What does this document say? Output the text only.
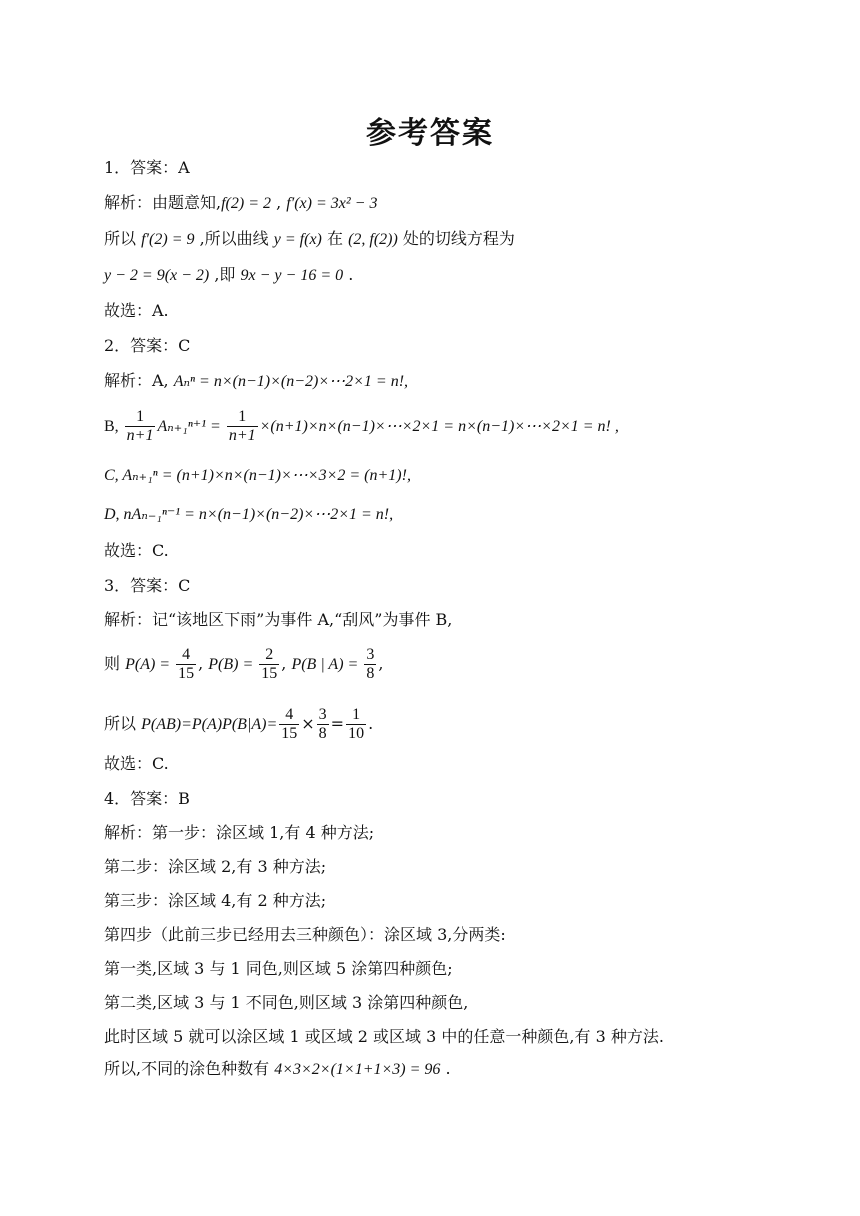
参考答案
1．答案：A
解析：由题意知,f(2) = 2 , f′(x) = 3x² − 3
所以 f′(2) = 9 ,所以曲线 y = f(x) 在 (2, f(2)) 处的切线方程为
y − 2 = 9(x − 2) ,即 9x − y − 16 = 0 .
故选：A.
2．答案：C
解析：A, Aₙⁿ = n×(n−1)×(n−2)×⋯2×1 = n!,
B, $\frac{1}{n+1} A_{n+1}^{n+1} = \frac{1}{n+1}$ ×(n+1)×n×(n−1)×⋯×2×1 = n×(n−1)×⋯×2×1 = n! ,
C, Aₙ₊₁ⁿ = (n+1)×n×(n−1)×⋯×3×2 = (n+1)!,
D, nAₙ₋₁ⁿ⁻¹ = n×(n−1)×(n−2)×⋯2×1 = n!,
故选：C.
3．答案：C
解析：记“该地区下雨”为事件 A,“刮风”为事件 B,
则 $P(A) = \frac{4}{15}$ , $P(B) = \frac{2}{15}$ , P(B | $A) = \frac{3}{8}$ ,
所以 $P(AB)=P(A)P(B|A)= \frac{4}{15} \times \frac{3}{8} = \frac{1}{10}$ .
故选：C.
4．答案：B
解析：第一步：涂区域 1,有 4 种方法;
第二步：涂区域 2,有 3 种方法;
第三步：涂区域 4,有 2 种方法;
第四步（此前三步已经用去三种颜色）：涂区域 3,分两类:
第一类,区域 3 与 1 同色,则区域 5 涂第四种颜色;
第二类,区域 3 与 1 不同色,则区域 3 涂第四种颜色,
此时区域 5 就可以涂区域 1 或区域 2 或区域 3 中的任意一种颜色,有 3 种方法.
所以,不同的涂色种数有 4×3×2×(1×1+1×3) = 96 .
